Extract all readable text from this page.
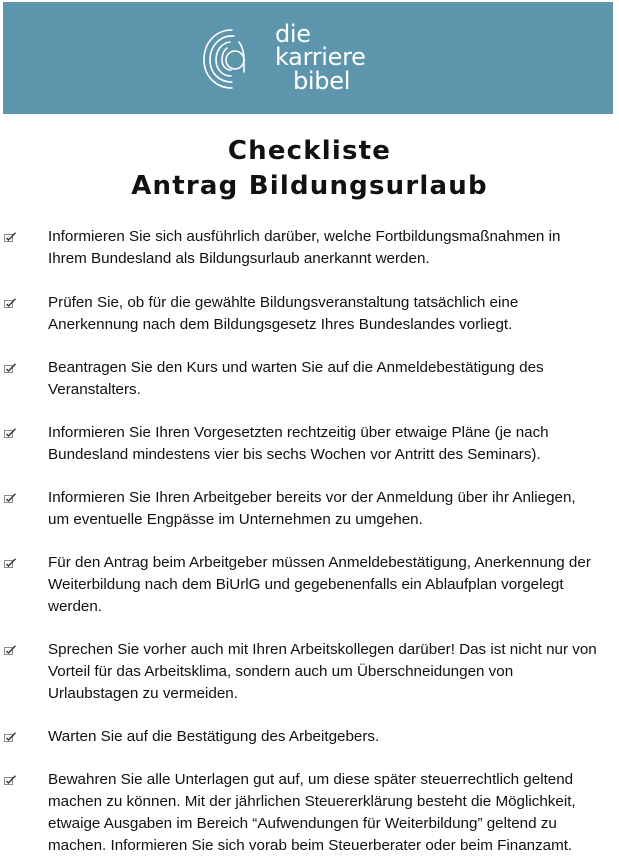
die
karriere
bibel
Checkliste
Antrag Bildungsurlaub
Informieren Sie sich ausführlich darüber, welche Fortbildungsmaßnahmen in
Ihrem Bundesland als Bildungsurlaub anerkannt werden.
Prüfen Sie, ob für die gewählte Bildungsveranstaltung tatsächlich eine
Anerkennung nach dem Bildungsgesetz Ihres Bundeslandes vorliegt.
Beantragen Sie den Kurs und warten Sie auf die Anmeldebestätigung des
Veranstalters.
Informieren Sie Ihren Vorgesetzten rechtzeitig über etwaige Pläne (je nach
Bundesland mindestens vier bis sechs Wochen vor Antritt des Seminars).
Informieren Sie Ihren Arbeitgeber bereits vor der Anmeldung über ihr Anliegen,
um eventuelle Engpässe im Unternehmen zu umgehen.
Für den Antrag beim Arbeitgeber müssen Anmeldebestätigung, Anerkennung der
Weiterbildung nach dem BiUrlG und gegebenenfalls ein Ablaufplan vorgelegt
werden.
Sprechen Sie vorher auch mit Ihren Arbeitskollegen darüber! Das ist nicht nur von
Vorteil für das Arbeitsklima, sondern auch um Überschneidungen von
Urlaubstagen zu vermeiden.
Warten Sie auf die Bestätigung des Arbeitgebers.
Bewahren Sie alle Unterlagen gut auf, um diese später steuerrechtlich geltend
machen zu können. Mit der jährlichen Steuererklärung besteht die Möglichkeit,
etwaige Ausgaben im Bereich “Aufwendungen für Weiterbildung” geltend zu
machen. Informieren Sie sich vorab beim Steuerberater oder beim Finanzamt.
